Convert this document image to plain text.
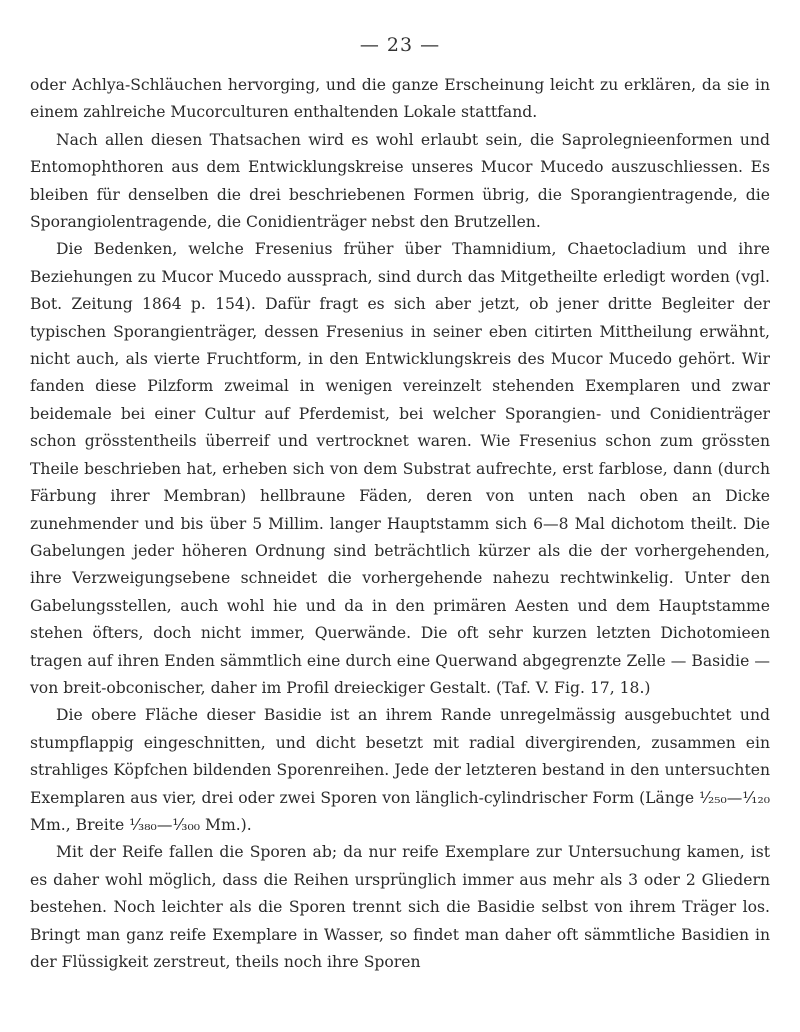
— 23 —

oder Achlya-Schläuchen hervorging, und die ganze Erscheinung leicht zu erklären, da sie in einem zahlreiche Mucorculturen enthaltenden Lokale stattfand.

Nach allen diesen Thatsachen wird es wohl erlaubt sein, die Saprolegnieenformen und Entomophthoren aus dem Entwicklungskreise unseres Mucor Mucedo auszuschliessen. Es bleiben für denselben die drei beschriebenen Formen übrig, die Sporangientragende, die Sporangiolentragende, die Conidienträger nebst den Brutzellen.

Die Bedenken, welche Fresenius früher über Thamnidium, Chaetocladium und ihre Beziehungen zu Mucor Mucedo aussprach, sind durch das Mitgetheilte erledigt worden (vgl. Bot. Zeitung 1864 p. 154). Dafür fragt es sich aber jetzt, ob jener dritte Begleiter der typischen Sporangienträger, dessen Fresenius in seiner eben citirten Mittheilung erwähnt, nicht auch, als vierte Fruchtform, in den Entwicklungskreis des Mucor Mucedo gehört. Wir fanden diese Pilzform zweimal in wenigen vereinzelt stehenden Exemplaren und zwar beidemale bei einer Cultur auf Pferdemist, bei welcher Sporangien- und Conidienträger schon grösstentheils überreif und vertrocknet waren. Wie Fresenius schon zum grössten Theile beschrieben hat, erheben sich von dem Substrat aufrechte, erst farblose, dann (durch Färbung ihrer Membran) hellbraune Fäden, deren von unten nach oben an Dicke zunehmender und bis über 5 Millim. langer Hauptstamm sich 6—8 Mal dichotom theilt. Die Gabelungen jeder höheren Ordnung sind beträchtlich kürzer als die der vorhergehenden, ihre Verzweigungsebene schneidet die vorhergehende nahezu rechtwinkelig. Unter den Gabelungsstellen, auch wohl hie und da in den primären Aesten und dem Hauptstamme stehen öfters, doch nicht immer, Querwände. Die oft sehr kurzen letzten Dichotomieen tragen auf ihren Enden sämmtlich eine durch eine Querwand abgegrenzte Zelle — Basidie — von breit-obconischer, daher im Profil dreieckiger Gestalt. (Taf. V. Fig. 17, 18.)

Die obere Fläche dieser Basidie ist an ihrem Rande unregelmässig ausgebuchtet und stumpflappig eingeschnitten, und dicht besetzt mit radial divergirenden, zusammen ein strahliges Köpfchen bildenden Sporenreihen. Jede der letzteren bestand in den untersuchten Exemplaren aus vier, drei oder zwei Sporen von länglich-cylindrischer Form (Länge ¹⁄₂₅₀—¹⁄₁₂₀ Mm., Breite ¹⁄₃₈₀—¹⁄₃₀₀ Mm.).

Mit der Reife fallen die Sporen ab; da nur reife Exemplare zur Untersuchung kamen, ist es daher wohl möglich, dass die Reihen ursprünglich immer aus mehr als 3 oder 2 Gliedern bestehen. Noch leichter als die Sporen trennt sich die Basidie selbst von ihrem Träger los. Bringt man ganz reife Exemplare in Wasser, so findet man daher oft sämmtliche Basidien in der Flüssigkeit zerstreut, theils noch ihre Sporen
